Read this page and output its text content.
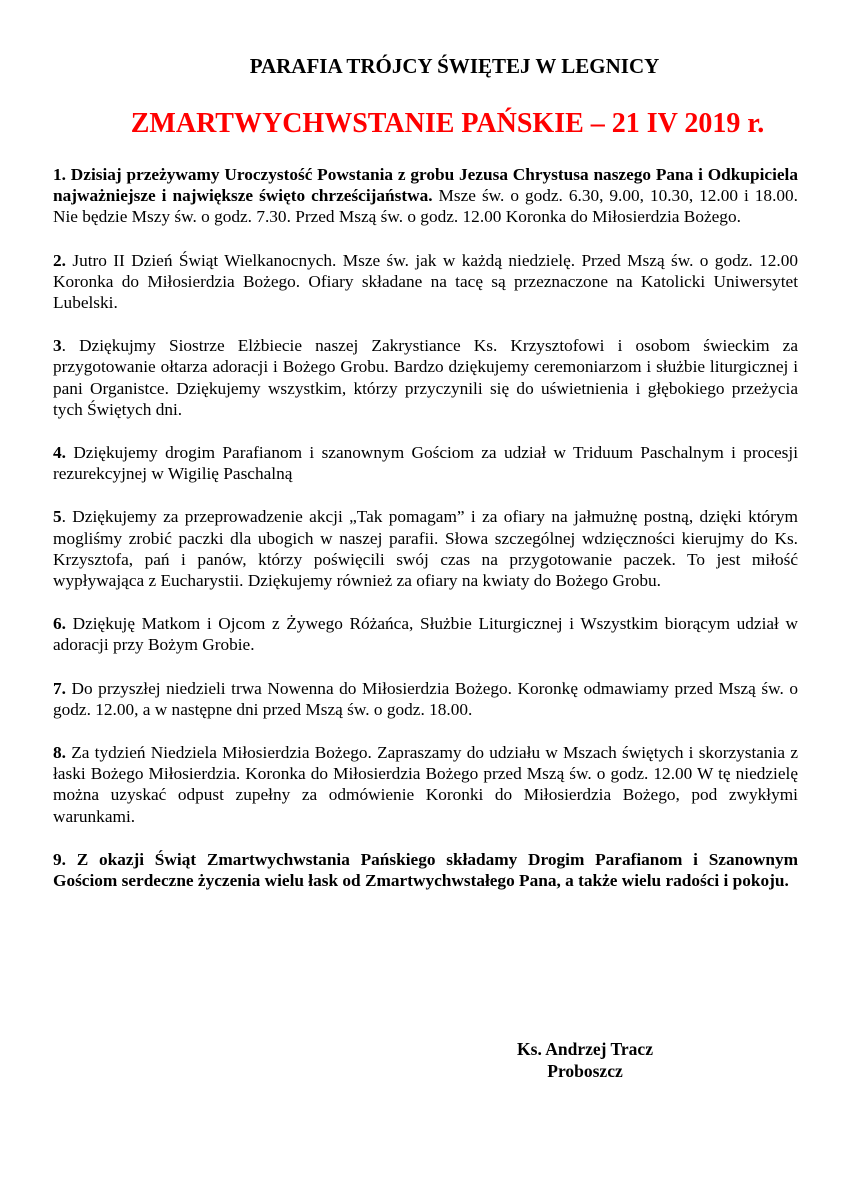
PARAFIA TRÓJCY ŚWIĘTEJ W LEGNICY
ZMARTWYCHWSTANIE PAŃSKIE – 21 IV 2019 r.

1. Dzisiaj przeżywamy Uroczystość Powstania z grobu Jezusa Chrystusa naszego Pana i Odkupiciela najważniejsze i największe święto chrześcijaństwa. Msze św. o godz. 6.30, 9.00, 10.30, 12.00 i 18.00. Nie będzie Mszy św. o godz. 7.30. Przed Mszą św. o godz. 12.00 Koronka do Miłosierdzia Bożego.

2. Jutro II Dzień Świąt Wielkanocnych. Msze św. jak w każdą niedzielę. Przed Mszą św. o godz. 12.00 Koronka do Miłosierdzia Bożego. Ofiary składane na tacę są przeznaczone na Katolicki Uniwersytet Lubelski.

3. Dziękujmy Siostrze Elżbiecie naszej Zakrystiance Ks. Krzysztofowi i osobom świeckim za przygotowanie ołtarza adoracji i Bożego Grobu. Bardzo dziękujemy ceremoniarzom i służbie liturgicznej i pani Organistce. Dziękujemy wszystkim, którzy przyczynili się do uświetnienia i głębokiego przeżycia tych Świętych dni.

4. Dziękujemy drogim Parafianom i szanownym Gościom za udział w Triduum Paschalnym i procesji rezurekcyjnej w Wigilię Paschalną

5. Dziękujemy za przeprowadzenie akcji „Tak pomagam” i za ofiary na jałmużnę postną, dzięki którym mogliśmy zrobić paczki dla ubogich w naszej parafii. Słowa szczególnej wdzięczności kierujmy do Ks. Krzysztofa, pań i panów, którzy poświęcili swój czas na przygotowanie paczek. To jest miłość wypływająca z Eucharystii. Dziękujemy również za ofiary na kwiaty do Bożego Grobu.

6. Dziękuję Matkom i Ojcom z Żywego Różańca, Służbie Liturgicznej i Wszystkim biorącym udział w adoracji przy Bożym Grobie.

7. Do przyszłej niedzieli trwa Nowenna do Miłosierdzia Bożego. Koronkę odmawiamy przed Mszą św. o godz. 12.00, a w następne dni przed Mszą św. o godz. 18.00.

8. Za tydzień Niedziela Miłosierdzia Bożego. Zapraszamy do udziału w Mszach świętych i skorzystania z łaski Bożego Miłosierdzia. Koronka do Miłosierdzia Bożego przed Mszą św. o godz. 12.00 W tę niedzielę można uzyskać odpust zupełny za odmówienie Koronki do Miłosierdzia Bożego, pod zwykłymi warunkami.

9. Z okazji Świąt Zmartwychwstania Pańskiego składamy Drogim Parafianom i Szanownym Gościom serdeczne życzenia wielu łask od Zmartwychwstałego Pana, a także wielu radości i pokoju.

Ks. Andrzej Tracz
Proboszcz
